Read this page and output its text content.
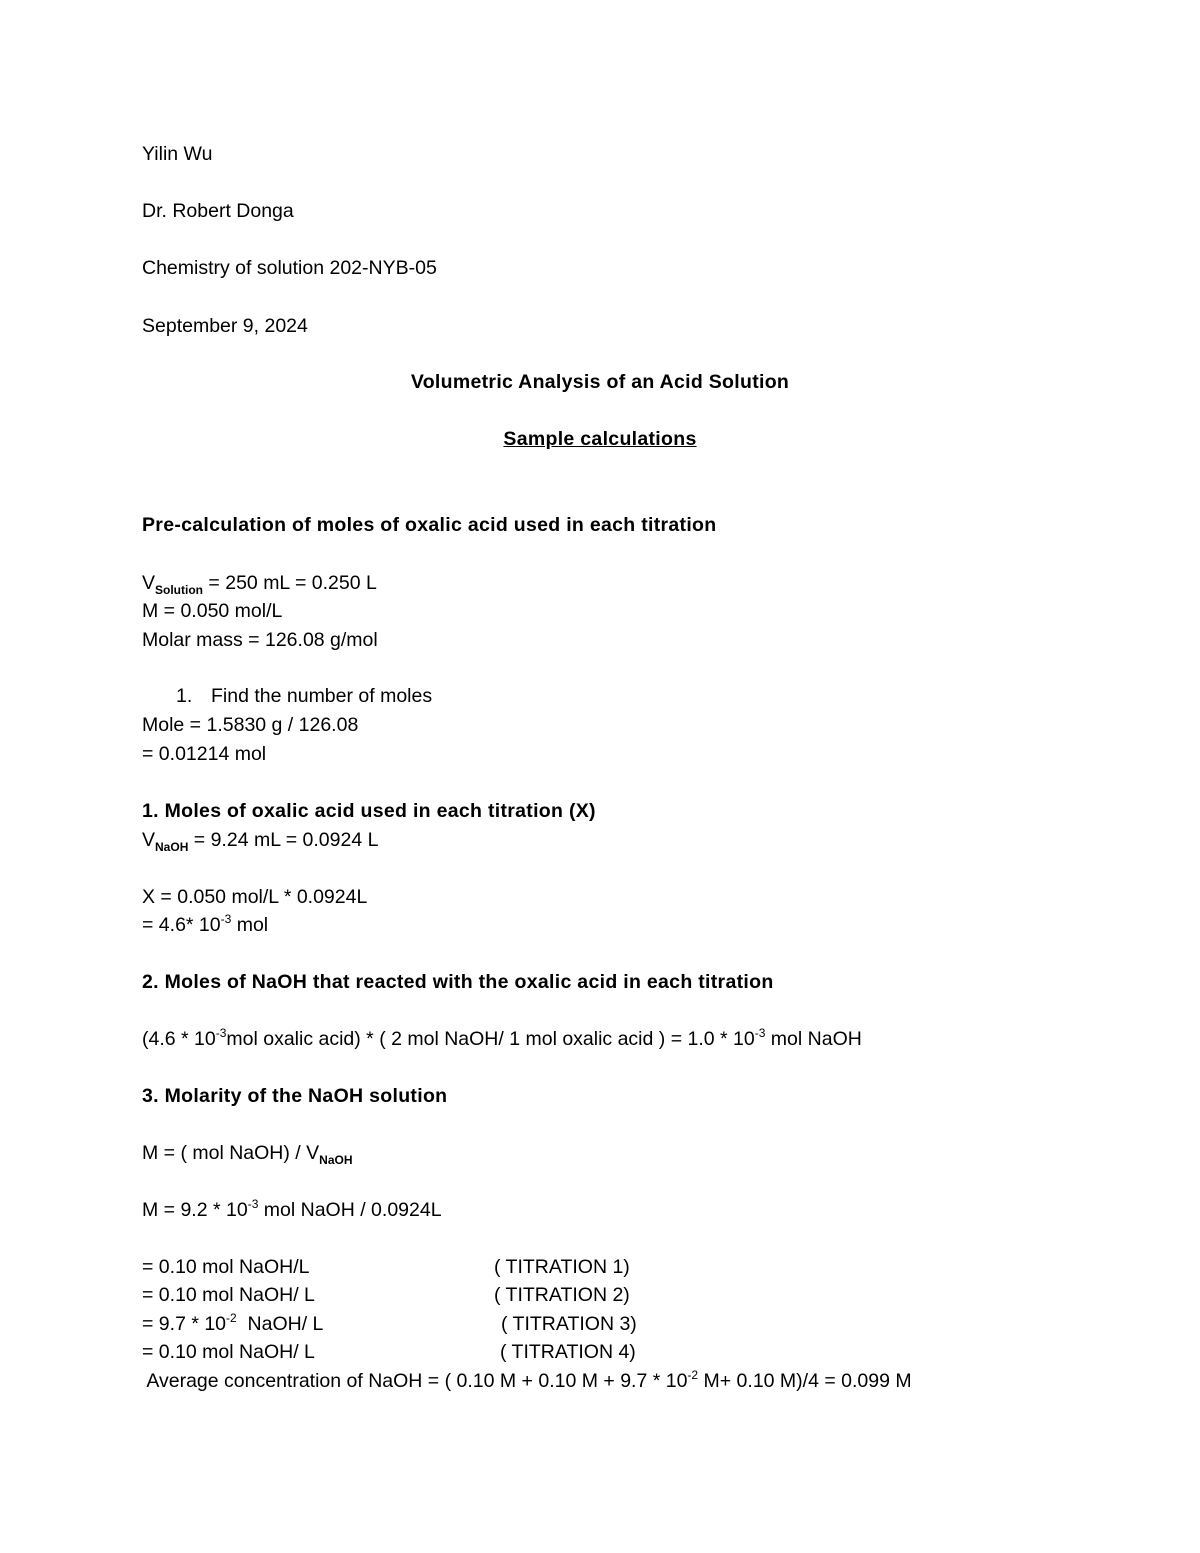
Yilin Wu
Dr. Robert Donga
Chemistry of solution 202-NYB-05
September 9, 2024
Volumetric Analysis of an Acid Solution
Sample calculations
Pre-calculation of moles of oxalic acid used in each titration
$V_{Solution} = 250$ mL = 0.250 L
M = 0.050 mol/L
Molar mass = 126.08 g/mol
1. Find the number of moles
Mole = 1.5830 g / 126.08
= 0.01214 mol
1. Moles of oxalic acid used in each titration (X)
$V_{NaOH} = 9.24$ mL = 0.0924 L
X = 0.050 mol/L * 0.0924L
= 4.6* $10^{-3}$ mol
2. Moles of NaOH that reacted with the oxalic acid in each titration
($4.6 * 10^{-3}mol$ oxalic acid) * ( 2 mol NaOH/ 1 mol oxalic acid ) = $1.0 * 10^{-3}$ mol NaOH
3. Molarity of the NaOH solution
M = ( mol NaOH) / $V_{NaOH}$
$M = 9.2 * 10^{-3}$ mol NaOH / 0.0924L
= 0.10 mol NaOH/L	( TITRATION 1)
= 0.10 mol NaOH/ L	( TITRATION 2)
= $9.7 * 10^{-2}$  NaOH/ L	( TITRATION 3)
= 0.10 mol NaOH/ L	( TITRATION 4)
Average concentration of NaOH = ( 0.10 M + 0.10 $M + 9.7 * 10^{-2}$ M+ 0.10 M)/4 = 0.099 M
